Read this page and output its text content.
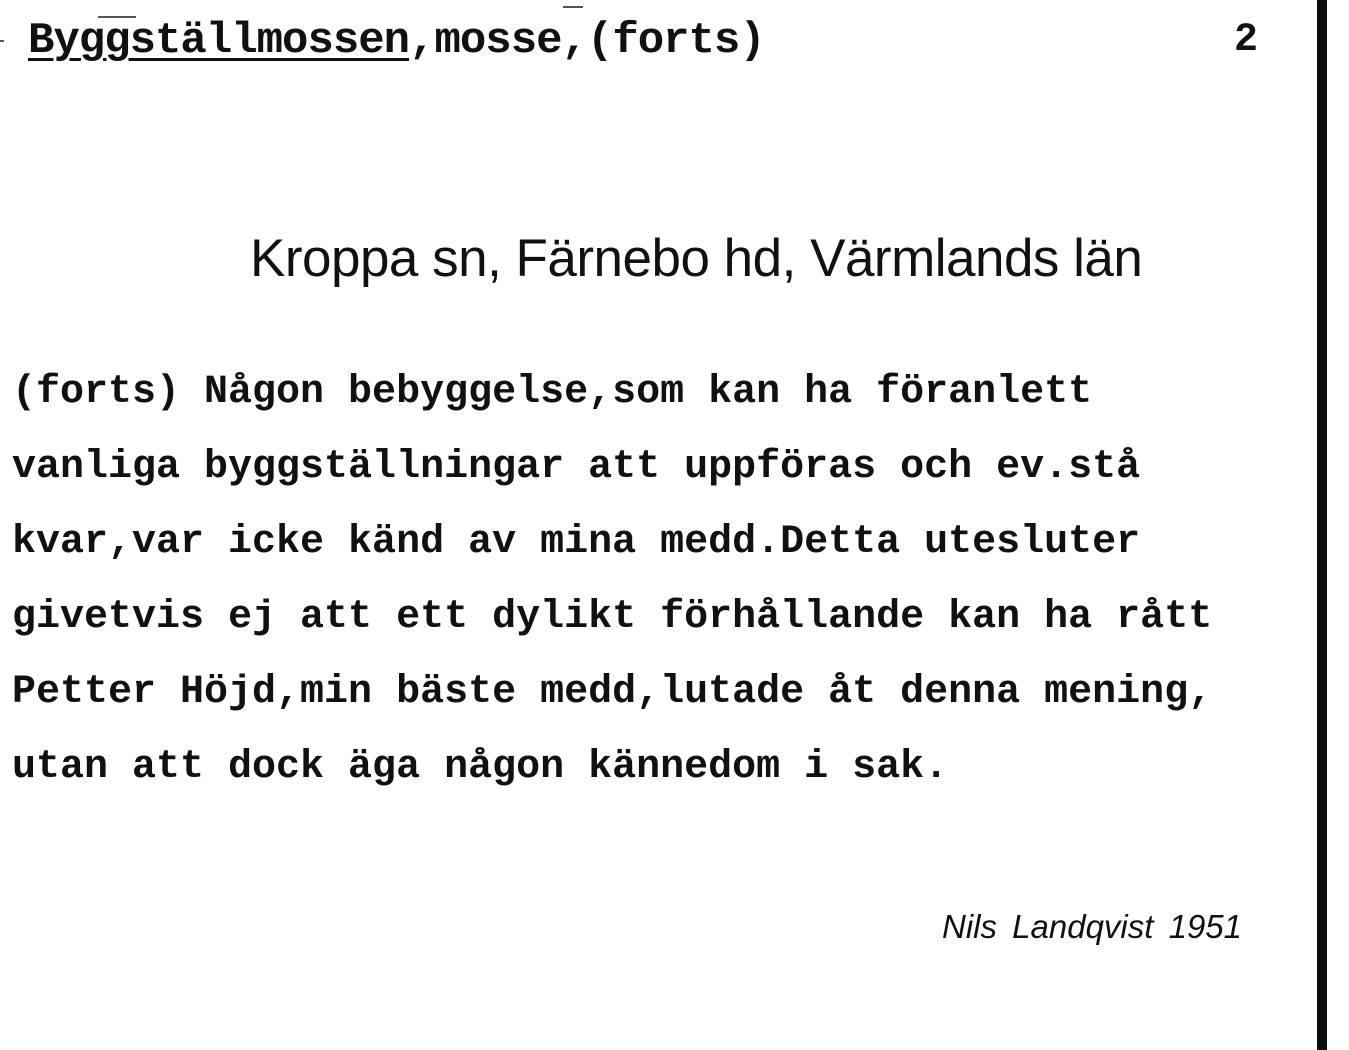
Byggställmossen,mosse,(forts)	2
Kroppa sn, Färnebo hd, Värmlands län
(forts) Någon bebyggelse,som kan ha föranlett
vanliga byggställningar att uppföras och ev.stå
kvar,var icke känd av mina medd.Detta utesluter
givetvis ej att ett dylikt förhållande kan ha rått
Petter Höjd,min bäste medd,lutade åt denna mening,
utan att dock äga någon kännedom i sak.
Nils Landqvist 1951
